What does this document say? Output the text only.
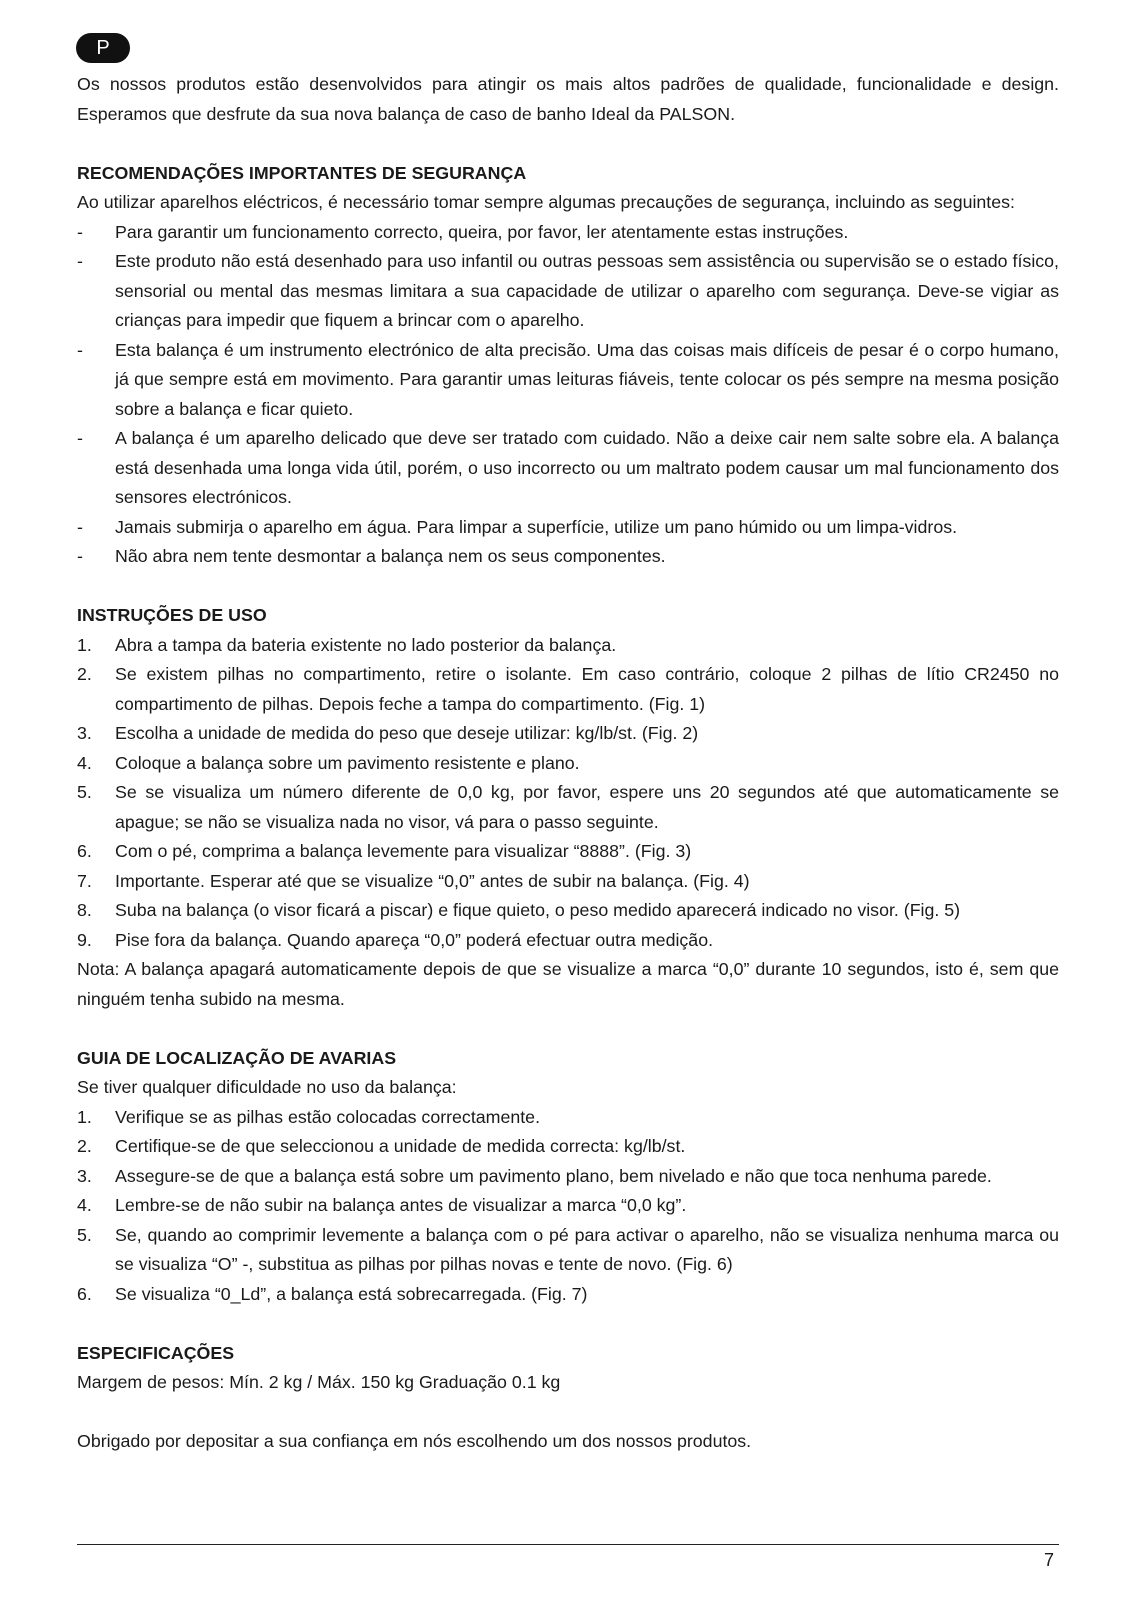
P
Os nossos produtos estão desenvolvidos para atingir os mais altos padrões de qualidade, funcionalidade e design.
Esperamos que desfrute da sua nova balança de caso de banho Ideal da PALSON.
RECOMENDAÇÕES IMPORTANTES DE SEGURANÇA
Ao utilizar aparelhos eléctricos, é necessário tomar sempre algumas precauções de segurança, incluindo as seguintes:
- Para garantir um funcionamento correcto, queira, por favor, ler atentamente estas instruções.
- Este produto não está desenhado para uso infantil ou outras pessoas sem assistência ou supervisão se o estado físico, sensorial ou mental das mesmas limitara a sua capacidade de utilizar o aparelho com segurança. Deve-se vigiar as crianças para impedir que fiquem a brincar com o aparelho.
- Esta balança é um instrumento electrónico de alta precisão. Uma das coisas mais difíceis de pesar é o corpo humano, já que sempre está em movimento. Para garantir umas leituras fiáveis, tente colocar os pés sempre na mesma posição sobre a balança e ficar quieto.
- A balança é um aparelho delicado que deve ser tratado com cuidado. Não a deixe cair nem salte sobre ela. A balança está desenhada uma longa vida útil, porém, o uso incorrecto ou um maltrato podem causar um mal funcionamento dos sensores electrónicos.
- Jamais submirja o aparelho em água. Para limpar a superfície, utilize um pano húmido ou um limpa-vidros.
- Não abra nem tente desmontar a balança nem os seus componentes.
INSTRUÇÕES DE USO
1. Abra a tampa da bateria existente no lado posterior da balança.
2. Se existem pilhas no compartimento, retire o isolante. Em caso contrário, coloque 2 pilhas de lítio CR2450 no compartimento de pilhas. Depois feche a tampa do compartimento. (Fig. 1)
3. Escolha a unidade de medida do peso que deseje utilizar: kg/lb/st. (Fig. 2)
4. Coloque a balança sobre um pavimento resistente e plano.
5. Se se visualiza um número diferente de 0,0 kg, por favor, espere uns 20 segundos até que automaticamente se apague; se não se visualiza nada no visor, vá para o passo seguinte.
6. Com o pé, comprima a balança levemente para visualizar “8888”. (Fig. 3)
7. Importante. Esperar até que se visualize “0,0” antes de subir na balança. (Fig. 4)
8. Suba na balança (o visor ficará a piscar) e fique quieto, o peso medido aparecerá indicado no visor. (Fig. 5)
9. Pise fora da balança. Quando apareça “0,0” poderá efectuar outra medição.
Nota: A balança apagará automaticamente depois de que se visualize a marca “0,0” durante 10 segundos, isto é, sem que ninguém tenha subido na mesma.
GUIA DE LOCALIZAÇÃO DE AVARIAS
Se tiver qualquer dificuldade no uso da balança:
1. Verifique se as pilhas estão colocadas correctamente.
2. Certifique-se de que seleccionou a unidade de medida correcta: kg/lb/st.
3. Assegure-se de que a balança está sobre um pavimento plano, bem nivelado e não que toca nenhuma parede.
4. Lembre-se de não subir na balança antes de visualizar a marca “0,0 kg”.
5. Se, quando ao comprimir levemente a balança com o pé para activar o aparelho, não se visualiza nenhuma marca ou se visualiza “O” -, substitua as pilhas por pilhas novas e tente de novo. (Fig. 6)
6. Se visualiza “0_Ld”, a balança está sobrecarregada. (Fig. 7)
ESPECIFICAÇÕES
Margem de pesos: Mín. 2 kg / Máx. 150 kg Graduação 0.1 kg
Obrigado por depositar a sua confiança em nós escolhendo um dos nossos produtos.
7
